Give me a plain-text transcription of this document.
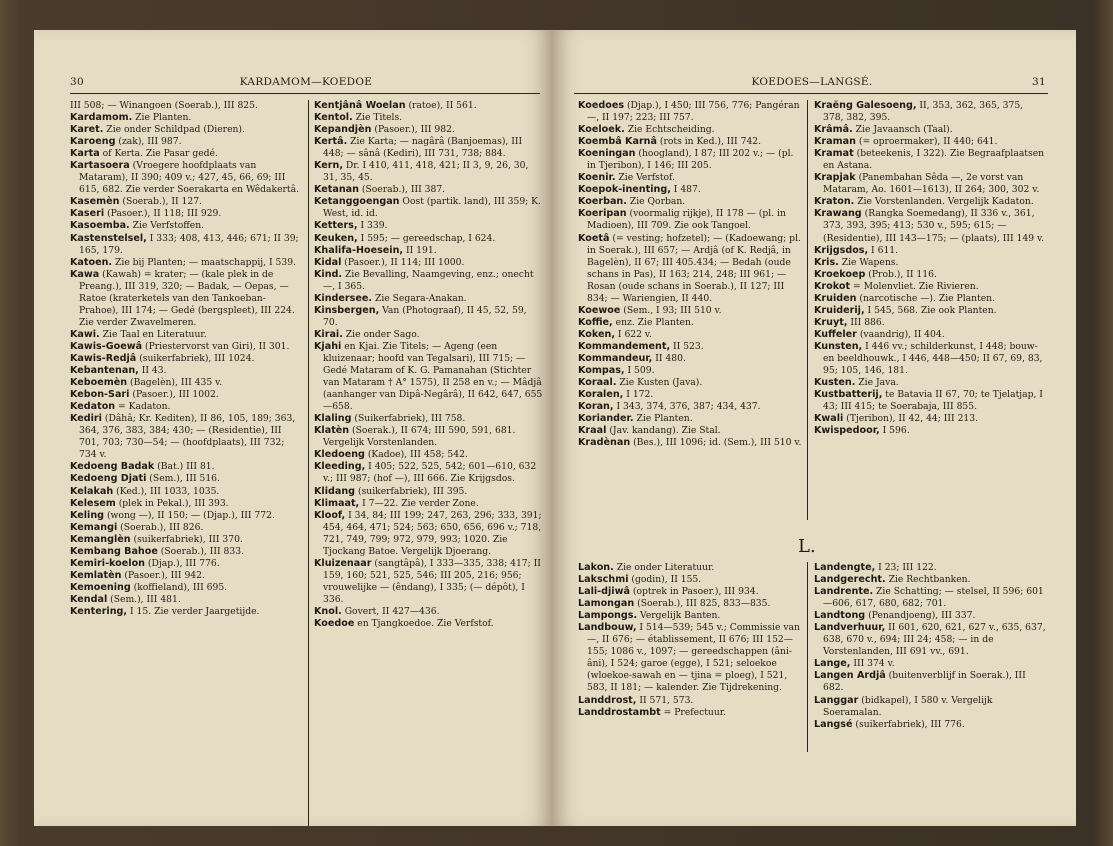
30	KARDAMOM—KOEDOE
III 508; — Winangoen (Soerab.), III 825.
Kardamom. Zie Planten.
Karet. Zie onder Schildpad (Dieren).
Karoeng (zak), III 987.
Karta of Kerta. Zie Pasar gedé.
Kartasoera (Vroegere hoofdplaats van Mataram), II 390; 409 v.; 427, 45, 66, 69; III 615, 682. Zie verder Soerakarta en Wêdakertâ.
Kasemèn (Soerab.), II 127.
Kaseri (Pasoer.), II 118; III 929.
Kasoemba. Zie Verfstoffen.
Kastenstelsel, I 333; 408, 413, 446; 671; II 39; 165, 179.
Katoen. Zie bij Planten; — maatschappij, I 539.
Kawa (Kawah) = krater; — (kale plek in de Preang.), III 319, 320; — Badak, — Oepas, — Ratoe (kraterketels van den Tankoeban-Prahoe), III 174; — Gedé (bergspleet), III 224. Zie verder Zwavelmeren.
Kawi. Zie Taal en Literatuur.
Kawis-Goewâ (Priestervorst van Giri), II 301.
Kawis-Redjâ (suikerfabriek), III 1024.
Kebantenan, II 43.
Keboemèn (Bagelèn), III 435 v.
Kebon-Sari (Pasoer.), III 1002.
Kedaton = Kadaton.
Kediri (Dâhâ; Kr. Kediten), II 86, 105, 189; 363, 364, 376, 383, 384; 430; — (Residentie), III 701, 703; 730—54; — (hoofdplaats), III 732; 734 v.
Kedoeng Badak (Bat.) III 81.
Kedoeng Djati (Sem.), III 516.
Kelakah (Ked.), III 1033, 1035.
Kelesem (plek in Pekal.), III 393.
Keling (wong —), II 150; — (Djap.), III 772.
Kemangi (Soerab.), III 826.
Kemanglèn (suikerfabriek), III 370.
Kembang Bahoe (Soerab.), III 833.
Kemiri-koelon (Djap.), III 776.
Kemlatèn (Pasoer.), III 942.
Kemoening (koffieland), III 695.
Kendal (Sem.), III 481.
Kentering, I 15. Zie verder Jaargetijde.
Kentjânâ Woelan (ratoe), II 561.
Kentol. Zie Titels.
Kepandjèn (Pasoer.), III 982.
Kertâ. Zie Karta; — nagârâ (Banjoemas), III 448; — sânâ (Kediri), III 731, 738; 884.
Kern, Dr. I 410, 411, 418, 421; II 3, 9, 26, 30, 31, 35, 45.
Ketanan (Soerab.), III 387.
Ketanggoengan Oost (partik. land), III 359; K. West, id. id.
Ketters, I 339.
Keuken, I 595; — gereedschap, I 624.
Khalifa-Hoesein, II 191.
Kidal (Pasoer.), II 114; III 1000.
Kind. Zie Bevalling, Naamgeving, enz.; onecht —, I 365.
Kindersee. Zie Segara-Anakan.
Kinsbergen, Van (Photograaf), II 45, 52, 59, 70.
Kirai. Zie onder Sago.
Kjahi en Kjai. Zie Titels; — Ageng (een kluizenaar; hoofd van Tegalsari), III 715; — Gedé Mataram of K. G. Pamanahan (Stichter van Mataram † A° 1575), II 258 en v.; — Mâdjâ (aanhanger van Dipâ-Negârâ), II 642, 647, 655—658.
Klaling (Suikerfabriek), III 758.
Klatèn (Soerak.), II 674; III 590, 591, 681. Vergelijk Vorstenlanden.
Kledoeng (Kadoe), III 458; 542.
Kleeding, I 405; 522, 525, 542; 601—610, 632 v.; III 987; (hof —), III 666. Zie Krijgsdos.
Klidang (suikerfabriek), III 395.
Klimaat, I 7—22. Zie verder Zone.
Kloof, I 34, 84; III 199; 247, 263, 296; 333, 391; 454, 464, 471; 524; 563; 650, 656, 696 v.; 718, 721, 749, 799; 972, 979, 993; 1020. Zie Tjockang Batoe. Vergelijk Djoerang.
Kluizenaar (sangtâpâ), I 333—335, 338; 417; II 159, 160; 521, 525, 546; III 205, 216; 956; vrouwelijke — (êndang), I 335; (— dépôt), I 336.
Knol. Govert, II 427—436.
Koedoe en Tjangkoedoe. Zie Verfstof.
KOEDOES—LANGSÉ.	31
Koedoes (Djap.), I 450; III 756, 776; Pangéran —, II 197; 223; III 757.
Koeloek. Zie Echtscheiding.
Koembâ Karnâ (rots in Ked.), III 742.
Koeningan (hoogland), I 87; III 202 v.; — (pl. in Tjeribon), I 146; III 205.
Koenir. Zie Verfstof.
Koepok-inenting, I 487.
Koerban. Zie Qorban.
Koeripan (voormalig rijkje), II 178 — (pl. in Madioen), III 709. Zie ook Tangoel.
Koetâ (= vesting; hofzetel); — (Kadoewang; pl. in Soerak.), III 657; — Ardjâ (of K. Redjâ, in Bagelèn), II 67; III 405.434; — Bedah (oude schans in Pas), II 163; 214, 248; III 961; — Rosan (oude schans in Soerab.), II 127; III 834; — Wariengien, II 440.
Koewoe (Sem., I 93; III 510 v.
Koffie, enz. Zie Planten.
Koken, I 622 v.
Kommandement, II 523.
Kommandeur, II 480.
Kompas, I 509.
Koraal. Zie Kusten (Java).
Koralen, I 172.
Koran, I 343, 374, 376, 387; 434, 437.
Koriander. Zie Planten.
Kraal (Jav. kandang). Zie Stal.
Kradènan (Bes.), III 1096; id. (Sem.), III 510 v.
Kraëng Galesoeng, II, 353, 362, 365, 375, 378, 382, 395.
Krâmâ. Zie Javaansch (Taal).
Kraman (= oproermaker), II 440; 641.
Kramat (beteekenis, I 322). Zie Begraafplaatsen en Astana.
Krapjak (Panembahan Sêda —, 2e vorst van Mataram, Ao. 1601—1613), II 264; 300, 302 v.
Kraton. Zie Vorstenlanden. Vergelijk Kadaton.
Krawang (Rangka Soemedang), II 336 v., 361, 373, 393, 395; 413; 530 v., 595; 615; — (Residentie), III 143—175; — (plaats), III 149 v.
Krijgsdos, I 611.
Kris. Zie Wapens.
Kroekoep (Prob.), II 116.
Krokot = Molenvliet. Zie Rivieren.
Kruiden (narcotische —). Zie Planten.
Kruiderij, I 545, 568. Zie ook Planten.
Kruyt, III 886.
Kuffeler (vaandrig), II 404.
Kunsten, I 446 vv.; schilderkunst, I 448; bouw- en beeldhouwk., I 446, 448—450; II 67, 69, 83, 95; 105, 146, 181.
Kusten. Zie Java.
Kustbatterij, te Batavia II 67, 70; te Tjelatjap, I 43; III 415; te Soerabaja, III 855.
Kwali (Tjeribon), II 42, 44; III 213.
Kwispedoor, I 596.
L.
Lakon. Zie onder Literatuur.
Lakschmi (godin), II 155.
Lali-djiwâ (optrek in Pasoer.), III 934.
Lamongan (Soerab.), III 825, 833—835.
Lampongs. Vergelijk Banten.
Landbouw, I 514—539; 545 v.; Commissie van —, II 676; — établissement, II 676; III 152—155; 1086 v., 1097; — gereedschappen (âni-âni), I 524; garoe (egge), I 521; seloekoe (wloekoe-sawah en — tjina = ploeg), I 521, 583, II 181; — kalender. Zie Tijdrekening.
Landdrost, II 571, 573.
Landdrostambt = Prefectuur.
Landengte, I 23; III 122.
Landgerecht. Zie Rechtbanken.
Landrente. Zie Schatting; — stelsel, II 596; 601—606, 617, 680, 682; 701.
Landtong (Penandjoeng), III 337.
Landverhuur, II 601, 620, 621, 627 v., 635, 637, 638, 670 v., 694; III 24; 458; — in de Vorstenlanden, III 691 vv., 691.
Lange, III 374 v.
Langen Ardjâ (buitenverblijf in Soerak.), III 682.
Langgar (bidkapel), I 580 v. Vergelijk Soeramalan.
Langsé (suikerfabriek), III 776.
